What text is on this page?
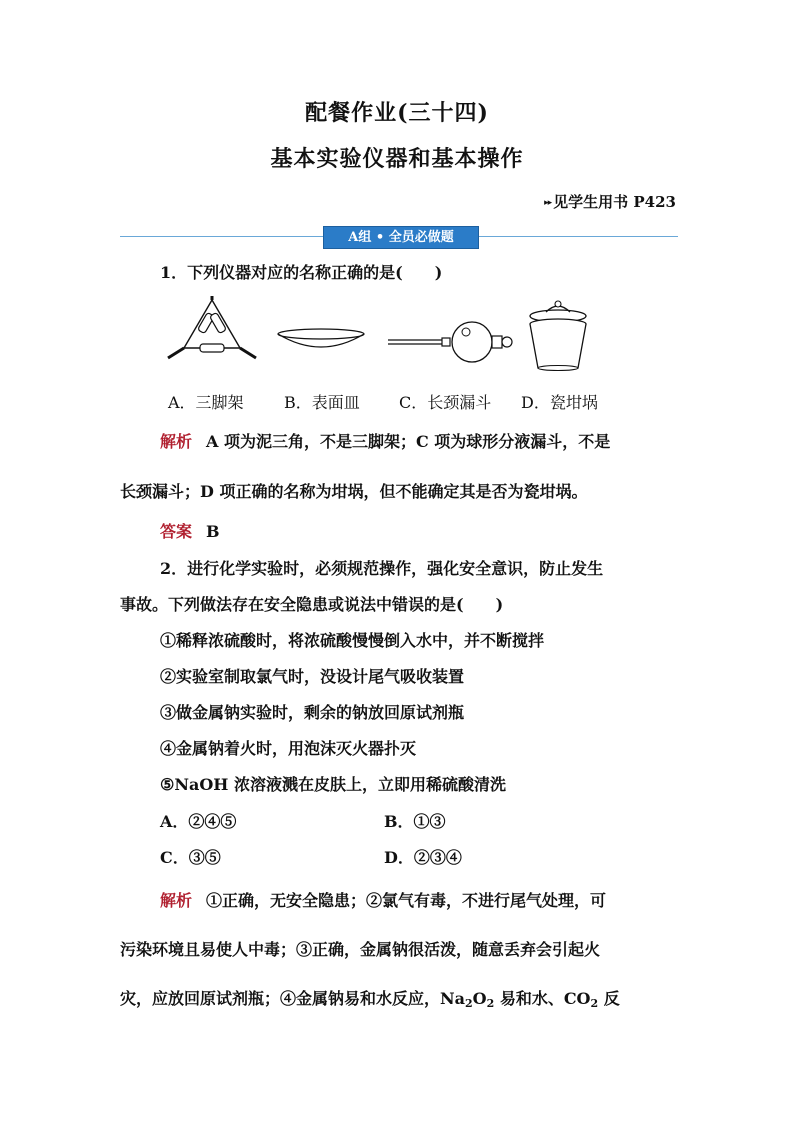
配餐作业(三十四)
基本实验仪器和基本操作
▸▸ 见学生用书 P423
A组 • 全员必做题
1．下列仪器对应的名称正确的是(　　)
A．三脚架	B．表面皿 C．长颈漏斗 D．瓷坩埚
解析 A 项为泥三角，不是三脚架；C 项为球形分液漏斗，不是
长颈漏斗；D 项正确的名称为坩埚，但不能确定其是否为瓷坩埚。
答案 B
2．进行化学实验时，必须规范操作，强化安全意识，防止发生
事故。下列做法存在安全隐患或说法中错误的是(　　)
①稀释浓硫酸时，将浓硫酸慢慢倒入水中，并不断搅拌
②实验室制取氯气时，没设计尾气吸收装置
③做金属钠实验时，剩余的钠放回原试剂瓶
④金属钠着火时，用泡沫灭火器扑灭
⑤NaOH 浓溶液溅在皮肤上，立即用稀硫酸清洗
A．②④⑤	B．①③
C．③⑤	D．②③④
解析 ①正确，无安全隐患；②氯气有毒，不进行尾气处理，可
污染环境且易使人中毒；③正确，金属钠很活泼，随意丢弃会引起火
灾，应放回原试剂瓶；④金属钠易和水反应，$Na_2O_2$ 易和水、$CO_2$ 反
